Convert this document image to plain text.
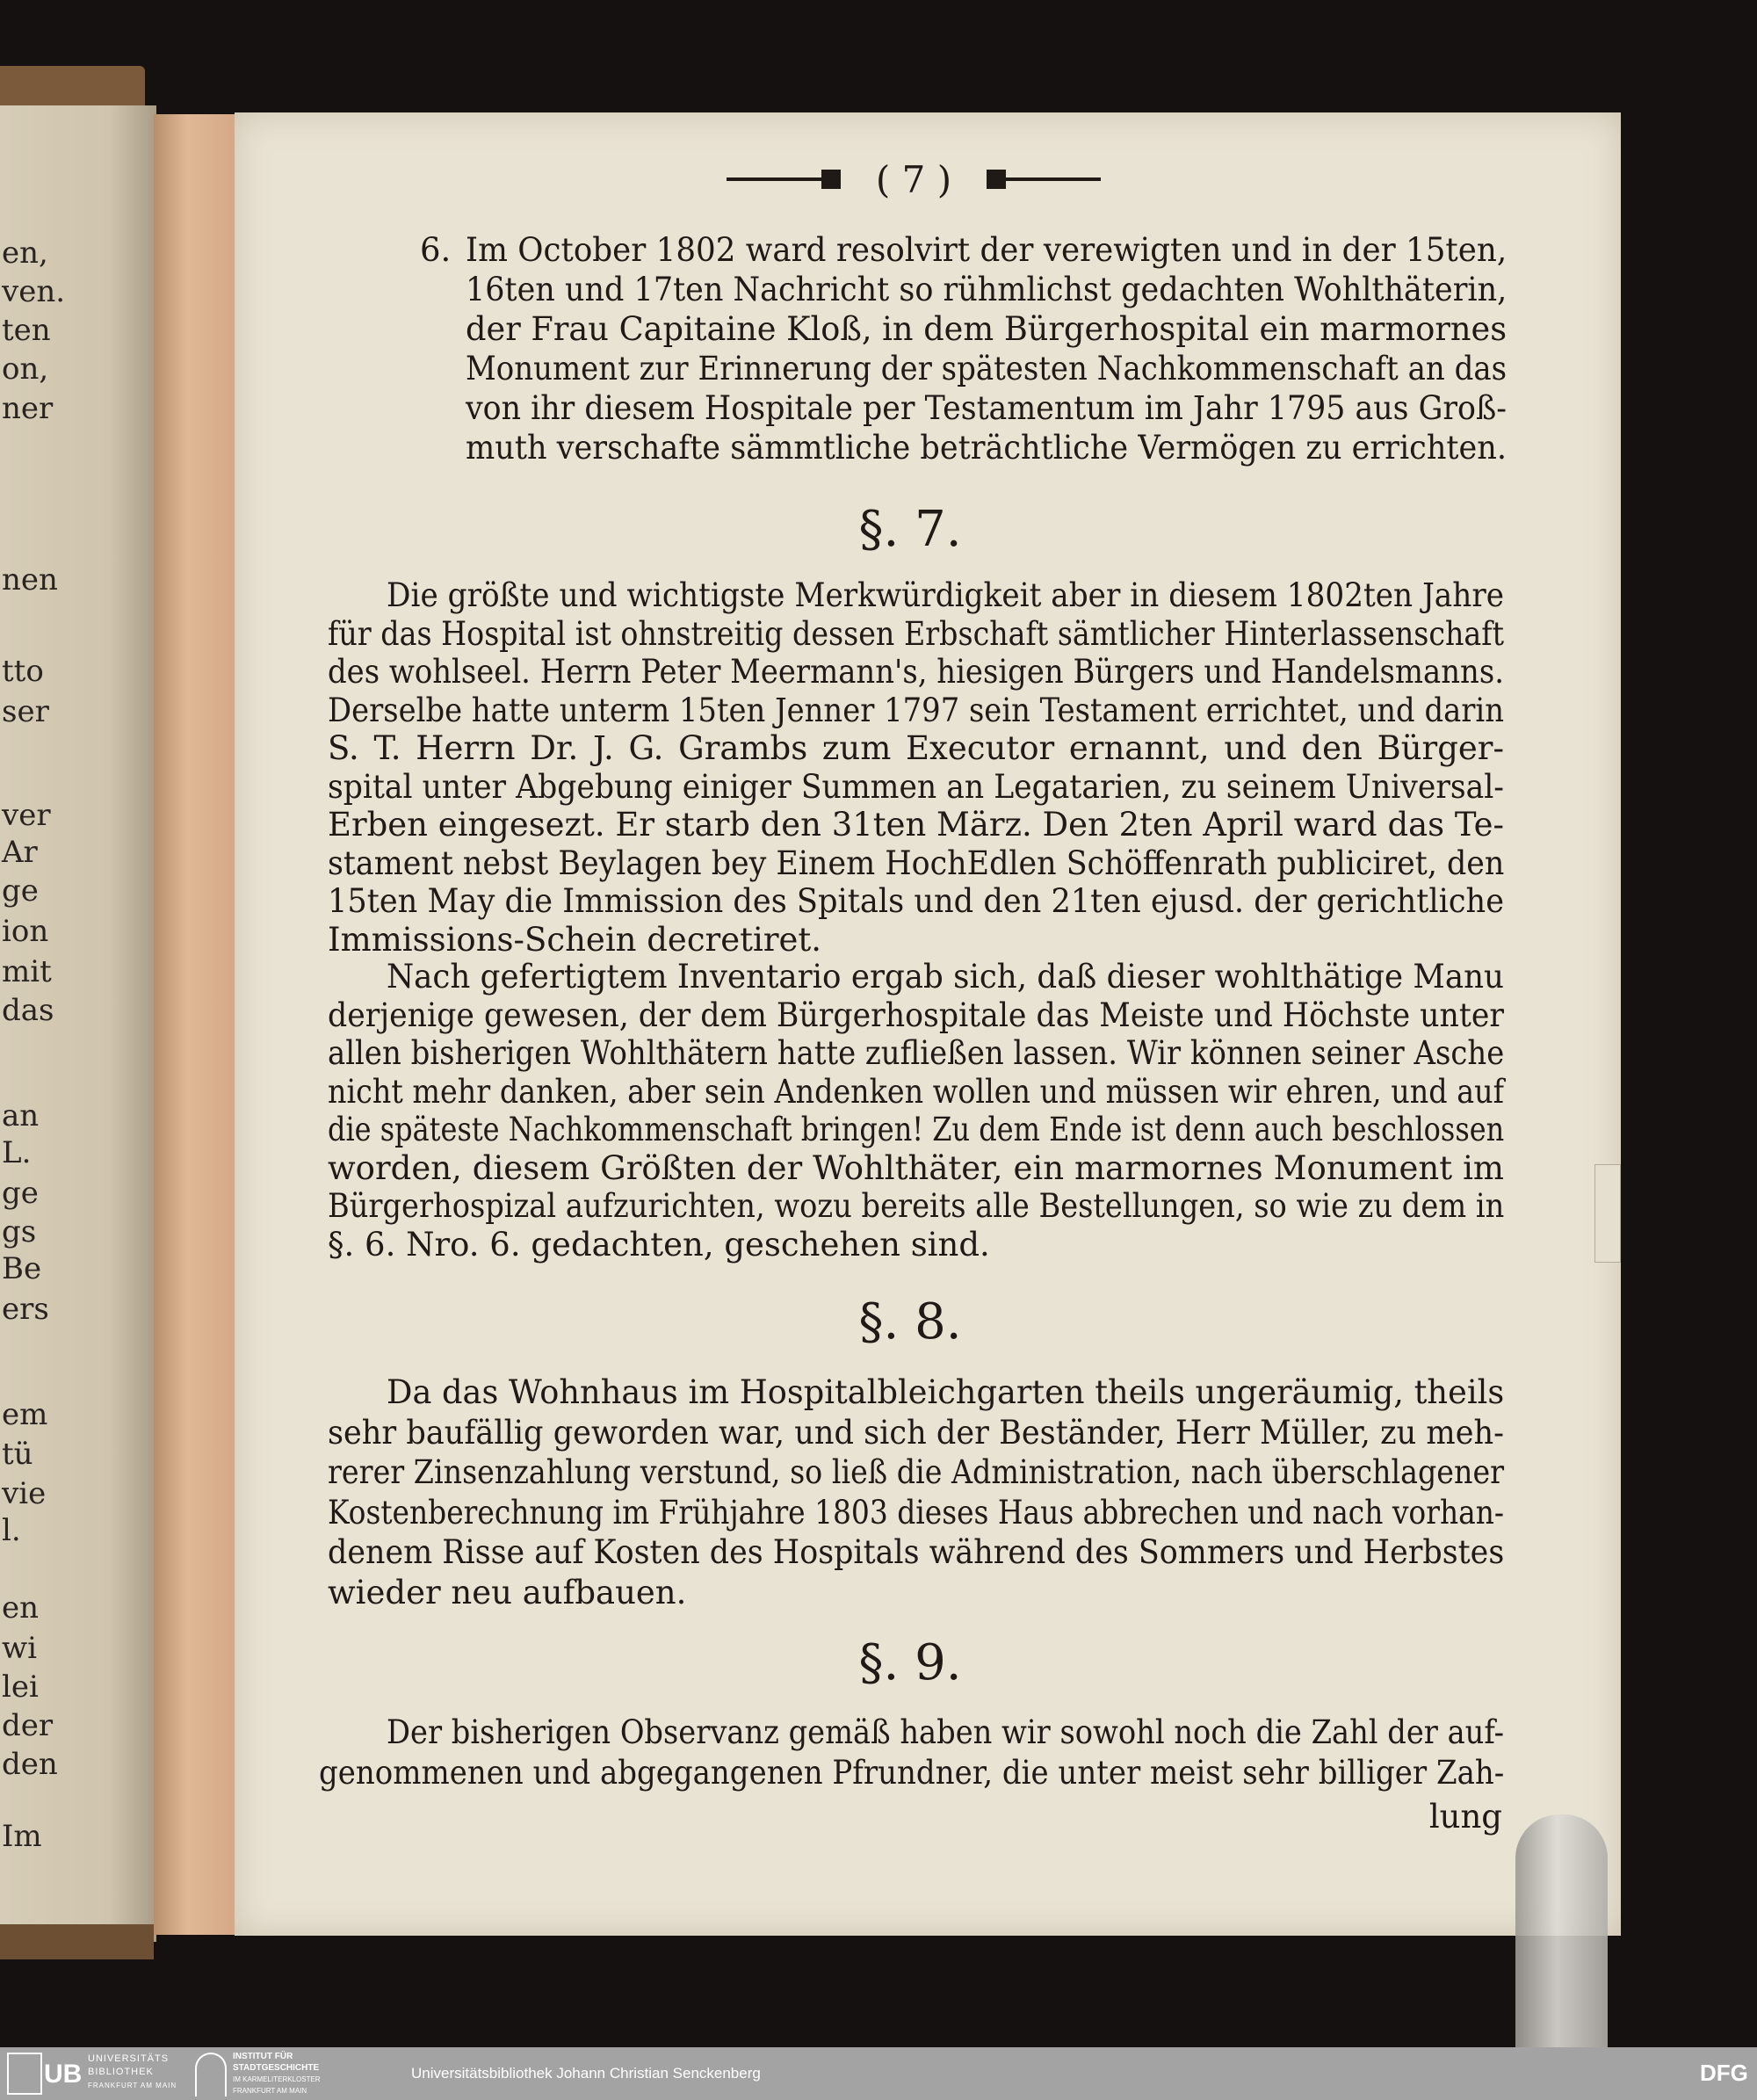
en,
ven.
ten
on,
ner
nen
tto
ser
ver
Ar
ge
ion
mit
das
an
L.
ge
gs
Be
ers
em
tü
vie
l.
en
wi
lei
der
den
Im
( 7 )
6. Im October 1802 ward resolvirt der verewigten und in der 15ten,
16ten und 17ten Nachricht so rühmlichst gedachten Wohlthäterin,
der Frau Capitaine Kloß, in dem Bürgerhospital ein marmornes
Monument zur Erinnerung der spätesten Nachkommenschaft an das
von ihr diesem Hospitale per Testamentum im Jahr 1795 aus Groß-
muth verschafte sämmtliche beträchtliche Vermögen zu errichten.
Die größte und wichtigste Merkwürdigkeit aber in diesem 1802ten Jahre
für das Hospital ist ohnstreitig dessen Erbschaft sämtlicher Hinterlassenschaft
des wohlseel. Herrn Peter Meermann's, hiesigen Bürgers und Handelsmanns.
Derselbe hatte unterm 15ten Jenner 1797 sein Testament errichtet, und darin
S. T. Herrn Dr. J. G. Grambs zum Executor ernannt, und den Bürger-
spital unter Abgebung einiger Summen an Legatarien, zu seinem Universal-
Erben eingesezt. Er starb den 31ten März. Den 2ten April ward das Te-
stament nebst Beylagen bey Einem HochEdlen Schöffenrath publiciret, den
15ten May die Immission des Spitals und den 21ten ejusd. der gerichtliche
Immissions-Schein decretiret.
Nach gefertigtem Inventario ergab sich, daß dieser wohlthätige Manu
derjenige gewesen, der dem Bürgerhospitale das Meiste und Höchste unter
allen bisherigen Wohlthätern hatte zufließen lassen. Wir können seiner Asche
nicht mehr danken, aber sein Andenken wollen und müssen wir ehren, und auf
die späteste Nachkommenschaft bringen! Zu dem Ende ist denn auch beschlossen
worden, diesem Größten der Wohlthäter, ein marmornes Monument im
Bürgerhospizal aufzurichten, wozu bereits alle Bestellungen, so wie zu dem in
§. 6. Nro. 6. gedachten, geschehen sind.
Da das Wohnhaus im Hospitalbleichgarten theils ungeräumig, theils
sehr baufällig geworden war, und sich der Beständer, Herr Müller, zu meh-
rerer Zinsenzahlung verstund, so ließ die Administration, nach überschlagener
Kostenberechnung im Frühjahre 1803 dieses Haus abbrechen und nach vorhan-
denem Risse auf Kosten des Hospitals während des Sommers und Herbstes
wieder neu aufbauen.
Der bisherigen Observanz gemäß haben wir sowohl noch die Zahl der auf-
genommenen und abgegangenen Pfrundner, die unter meist sehr billiger Zah-
§. 7.
§. 8.
§. 9.
lung
UB
UNIVERSITÄTS
BIBLIOTHEK
FRANKFURT AM MAIN
INSTITUT FÜR
STADTGESCHICHTE
IM KARMELITERKLOSTER
FRANKFURT AM MAIN
Universitätsbibliothek Johann Christian Senckenberg	DFG
